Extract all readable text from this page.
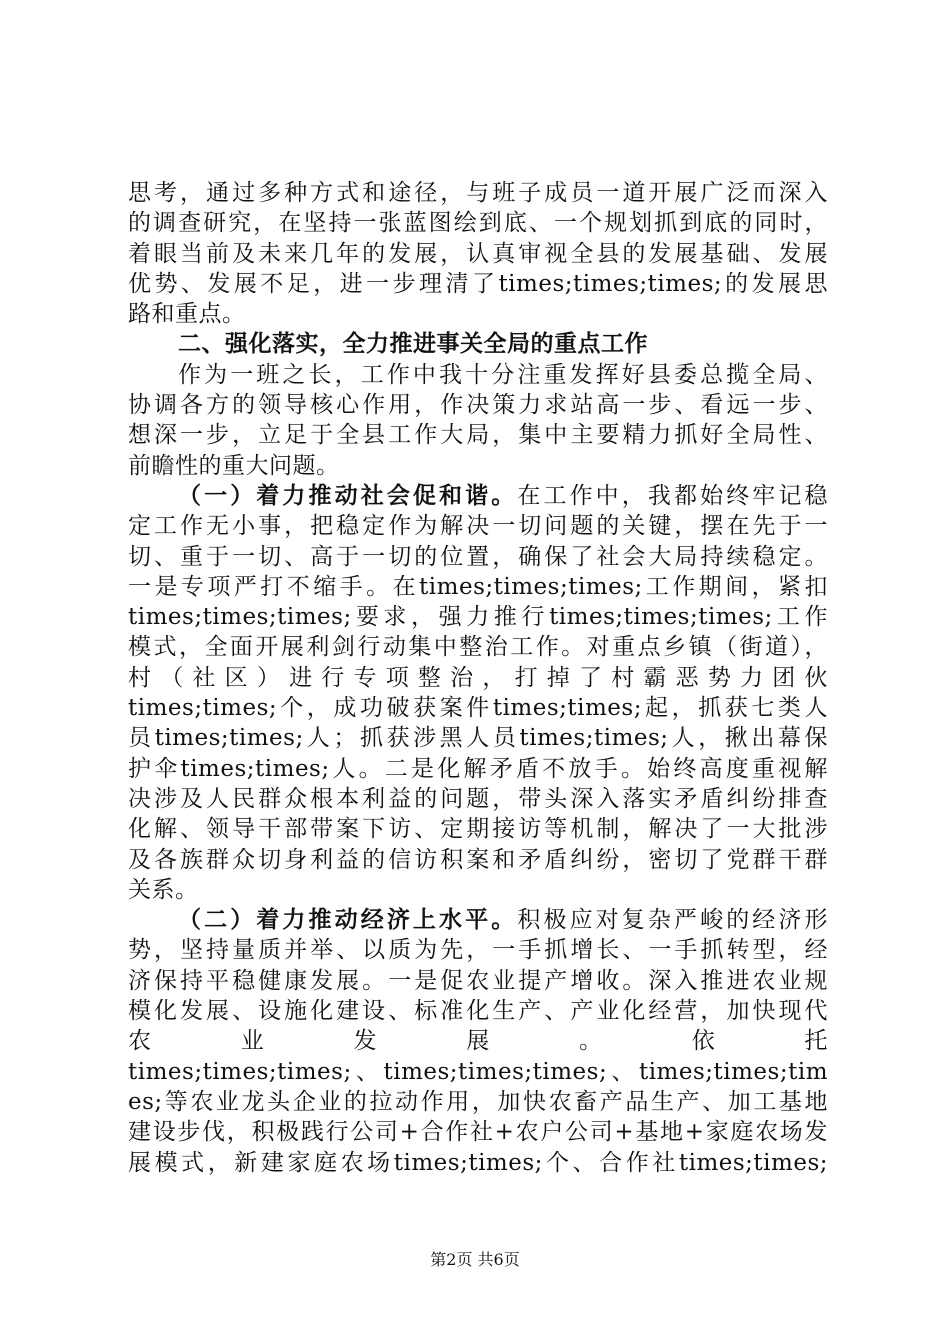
思考，通过多种方式和途径，与班子成员一道开展广泛而深入
的调查研究，在坚持一张蓝图绘到底、一个规划抓到底的同时，
着眼当前及未来几年的发展，认真审视全县的发展基础、发展
优势、发展不足，进一步理清了times;times;times;的发展思
路和重点。
二、强化落实，全力推进事关全局的重点工作
作为一班之长，工作中我十分注重发挥好县委总揽全局、
协调各方的领导核心作用，作决策力求站高一步、看远一步、
想深一步，立足于全县工作大局，集中主要精力抓好全局性、
前瞻性的重大问题。
（一）着力推动社会促和谐。在工作中，我都始终牢记稳
定工作无小事，把稳定作为解决一切问题的关键，摆在先于一
切、重于一切、高于一切的位置，确保了社会大局持续稳定。
一是专项严打不缩手。在times;times;times;工作期间，紧扣
times;times;times;要求，强力推行times;times;times;工作
模式，全面开展利剑行动集中整治工作。对重点乡镇（街道），
村（社区）进行专项整治，打掉了村霸恶势力团伙
times;times;个，成功破获案件times;times;起，抓获七类人
员times;times;人；抓获涉黑人员times;times;人，揪出幕保
护伞times;times;人。二是化解矛盾不放手。始终高度重视解
决涉及人民群众根本利益的问题，带头深入落实矛盾纠纷排查
化解、领导干部带案下访、定期接访等机制，解决了一大批涉
及各族群众切身利益的信访积案和矛盾纠纷，密切了党群干群
关系。
（二）着力推动经济上水平。积极应对复杂严峻的经济形
势，坚持量质并举、以质为先，一手抓增长、一手抓转型，经
济保持平稳健康发展。一是促农业提产增收。深入推进农业规
模化发展、设施化建设、标准化生产、产业化经营，加快现代
农业发展。依托
times;times;times;、times;times;times;、times;times;tim
es;等农业龙头企业的拉动作用，加快农畜产品生产、加工基地
建设步伐，积极践行公司+合作社+农户公司+基地+家庭农场发
展模式，新建家庭农场times;times;个、合作社times;times;
第2页 共6页
